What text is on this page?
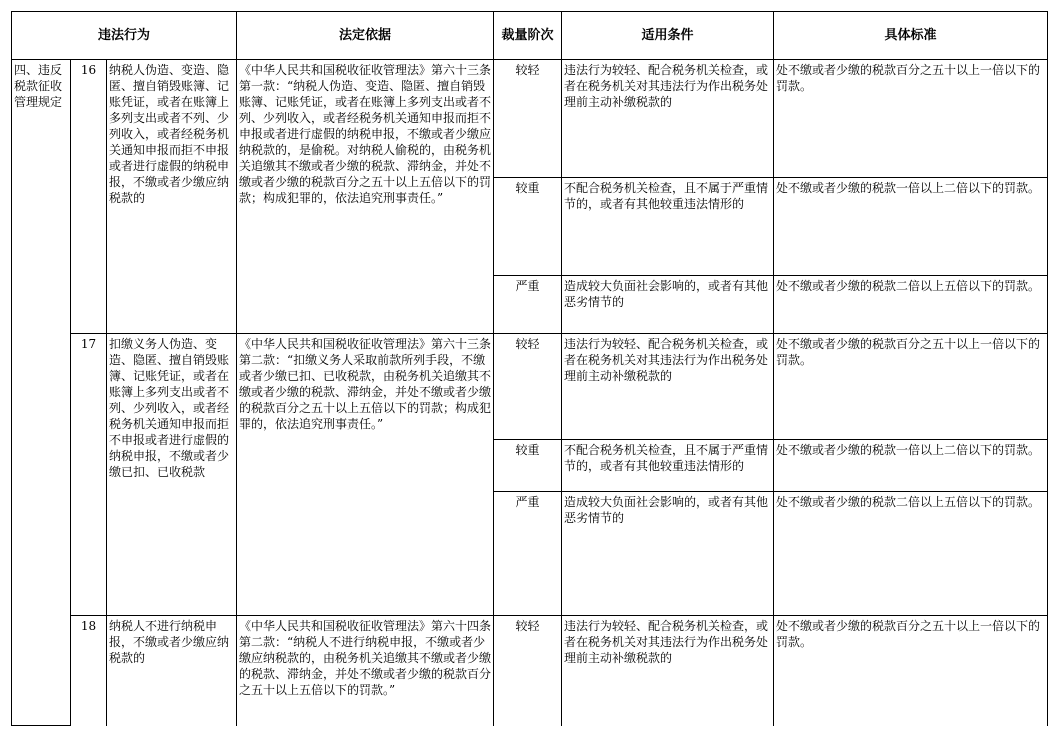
违法行为			法定依据	裁量阶次	适用条件	具体标准
四、违反税款征收管理规定	16	纳税人伪造、变造、隐匿、擅自销毁账簿、记账凭证，或者在账簿上多列支出或者不列、少列收入，或者经税务机关通知申报而拒不申报或者进行虚假的纳税申报，不缴或者少缴应纳税款的	《中华人民共和国税收征收管理法》第六十三条第一款：“纳税人伪造、变造、隐匿、擅自销毁账簿、记账凭证，或者在账簿上多列支出或者不列、少列收入，或者经税务机关通知申报而拒不申报或者进行虚假的纳税申报，不缴或者少缴应纳税款的，是偷税。对纳税人偷税的，由税务机关追缴其不缴或者少缴的税款、滞纳金，并处不缴或者少缴的税款百分之五十以上五倍以下的罚款；构成犯罪的，依法追究刑事责任。”	较轻	违法行为较轻、配合税务机关检查，或者在税务机关对其违法行为作出税务处理前主动补缴税款的	处不缴或者少缴的税款百分之五十以上一倍以下的罚款。
				较重	不配合税务机关检查，且不属于严重情节的，或者有其他较重违法情形的	处不缴或者少缴的税款一倍以上二倍以下的罚款。
				严重	造成较大负面社会影响的，或者有其他恶劣情节的	处不缴或者少缴的税款二倍以上五倍以下的罚款。
	17	扣缴义务人伪造、变造、隐匿、擅自销毁账簿、记账凭证，或者在账簿上多列支出或者不列、少列收入，或者经税务机关通知申报而拒不申报或者进行虚假的纳税申报，不缴或者少缴已扣、已收税款	《中华人民共和国税收征收管理法》第六十三条第二款：“扣缴义务人采取前款所列手段，不缴或者少缴已扣、已收税款，由税务机关追缴其不缴或者少缴的税款、滞纳金，并处不缴或者少缴的税款百分之五十以上五倍以下的罚款；构成犯罪的，依法追究刑事责任。”	较轻	违法行为较轻、配合税务机关检查，或者在税务机关对其违法行为作出税务处理前主动补缴税款的	处不缴或者少缴的税款百分之五十以上一倍以下的罚款。
				较重	不配合税务机关检查，且不属于严重情节的，或者有其他较重违法情形的	处不缴或者少缴的税款一倍以上二倍以下的罚款。
				严重	造成较大负面社会影响的，或者有其他恶劣情节的	处不缴或者少缴的税款二倍以上五倍以下的罚款。
	18	纳税人不进行纳税申报，不缴或者少缴应纳税款的	《中华人民共和国税收征收管理法》第六十四条第二款：“纳税人不进行纳税申报，不缴或者少缴应纳税款的，由税务机关追缴其不缴或者少缴的税款、滞纳金，并处不缴或者少缴的税款百分之五十以上五倍以下的罚款。”	较轻	违法行为较轻、配合税务机关检查，或者在税务机关对其违法行为作出税务处理前主动补缴税款的	处不缴或者少缴的税款百分之五十以上一倍以下的罚款。
